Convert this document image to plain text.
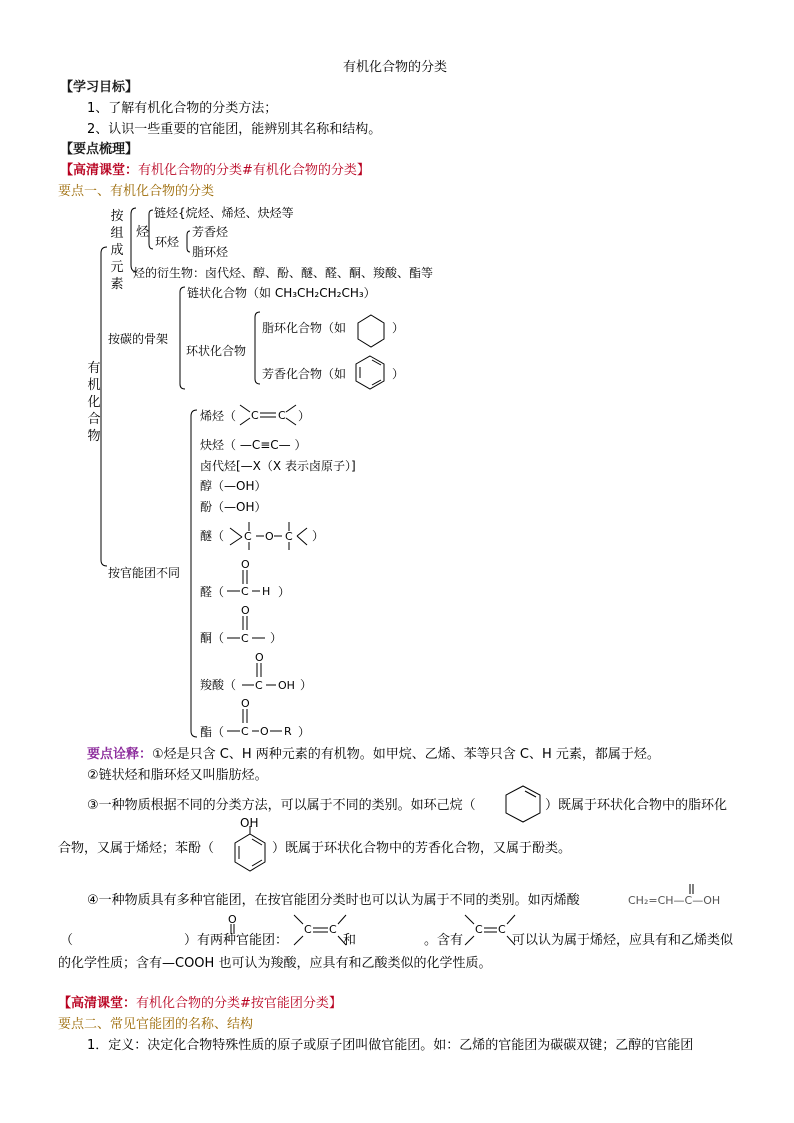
有机化合物的分类
【学习目标】
1、了解有机化合物的分类方法；
2、认识一些重要的官能团，能辨别其名称和结构。
【要点梳理】
【高清课堂：有机化合物的分类#有机化合物的分类】
要点一、有机化合物的分类
有机化合物
按组成元素
烃
链烃{烷烃、烯烃、炔烃等
环烃
芳香烃
脂环烃
烃的衍生物：卤代烃、醇、酚、醚、醛、酮、羧酸、酯等
按碳的骨架
链状化合物（如 CH₃CH₂CH₂CH₃）
环状化合物
脂环化合物（如	）
芳香化合物（如	）
按官能团不同
烯烃（ C C ）
炔烃（ —C≡C— ）
卤代烃[—X（X 表示卤原子）]
醇（—OH）
酚（—OH）
醚（ C O C ）
醛（
O
C H ）
酮（
O
C ）
羧酸（
O
C OH ）
酯（
O
C O R ）
要点诠释：①烃是只含 C、H 两种元素的有机物。如甲烷、乙烯、苯等只含 C、H 元素，都属于烃。
②链状烃和脂环烃又叫脂肪烃。
③一种物质根据不同的分类方法，可以属于不同的类别。如环己烷（	）既属于环状化合物中的脂环化
合物，又属于烯烃；苯酚（
OH
）既属于环状化合物中的芳香化合物，又属于酚类。
④一种物质具有多种官能团，在按官能团分类时也可以认为属于不同的类别。如丙烯酸	CH₂=CH—C—OH
（	）有两种官能团：
O
C C
和	。含有
C C
可以认为属于烯烃，应具有和乙烯类似
的化学性质；含有—COOH 也可认为羧酸，应具有和乙酸类似的化学性质。
【高清课堂：有机化合物的分类#按官能团分类】
要点二、常见官能团的名称、结构
1．定义：决定化合物特殊性质的原子或原子团叫做官能团。如：乙烯的官能团为碳碳双键；乙醇的官能团
